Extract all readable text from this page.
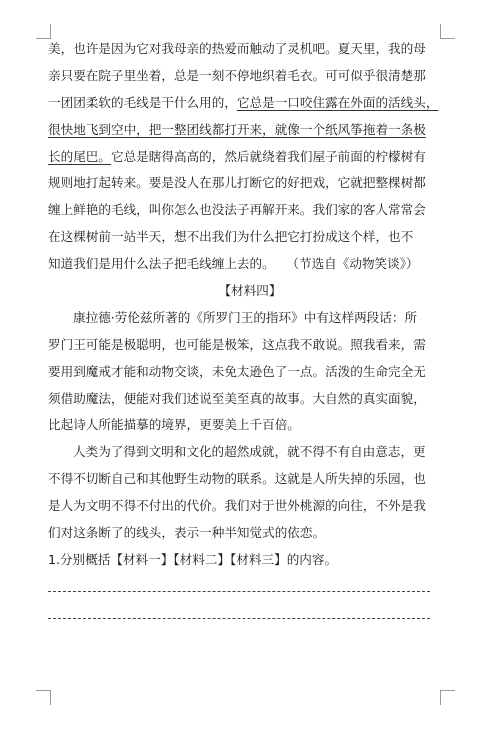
美，也许是因为它对我母亲的热爱而触动了灵机吧。夏天里，我的母
亲只要在院子里坐着，总是一刻不停地织着毛衣。可可似乎很清楚那
一团团柔软的毛线是干什么用的，它总是一口咬住露在外面的活线头，
很快地飞到空中，把一整团线都打开来，就像一个纸风筝拖着一条极
长的尾巴。它总是瞎得高高的，然后就绕着我们屋子前面的柠檬树有
规则地打起转来。要是没人在那儿打断它的好把戏，它就把整棵树都
缠上鲜艳的毛线，叫你怎么也没法子再解开来。我们家的客人常常会
在这棵树前一站半天，想不出我们为什么把它打扮成这个样，也不
知道我们是用什么法子把毛线缠上去的。 （节选自《动物笑谈》）
【材料四】
康拉德·劳伦兹所著的《所罗门王的指环》中有这样两段话：所
罗门王可能是极聪明，也可能是极笨，这点我不敢说。照我看来，需
要用到魔戒才能和动物交谈，未免太逊色了一点。活泼的生命完全无
须借助魔法，便能对我们述说至美至真的故事。大自然的真实面貌，
比起诗人所能描摹的境界，更要美上千百倍。
人类为了得到文明和文化的超然成就，就不得不有自由意志，更
不得不切断自己和其他野生动物的联系。这就是人所失掉的乐园，也
是人为文明不得不付出的代价。我们对于世外桃源的向往，不外是我
们对这条断了的线头，表示一种半知觉式的依恋。
1.分别概括【材料一】【材料二】【材料三】的内容。
